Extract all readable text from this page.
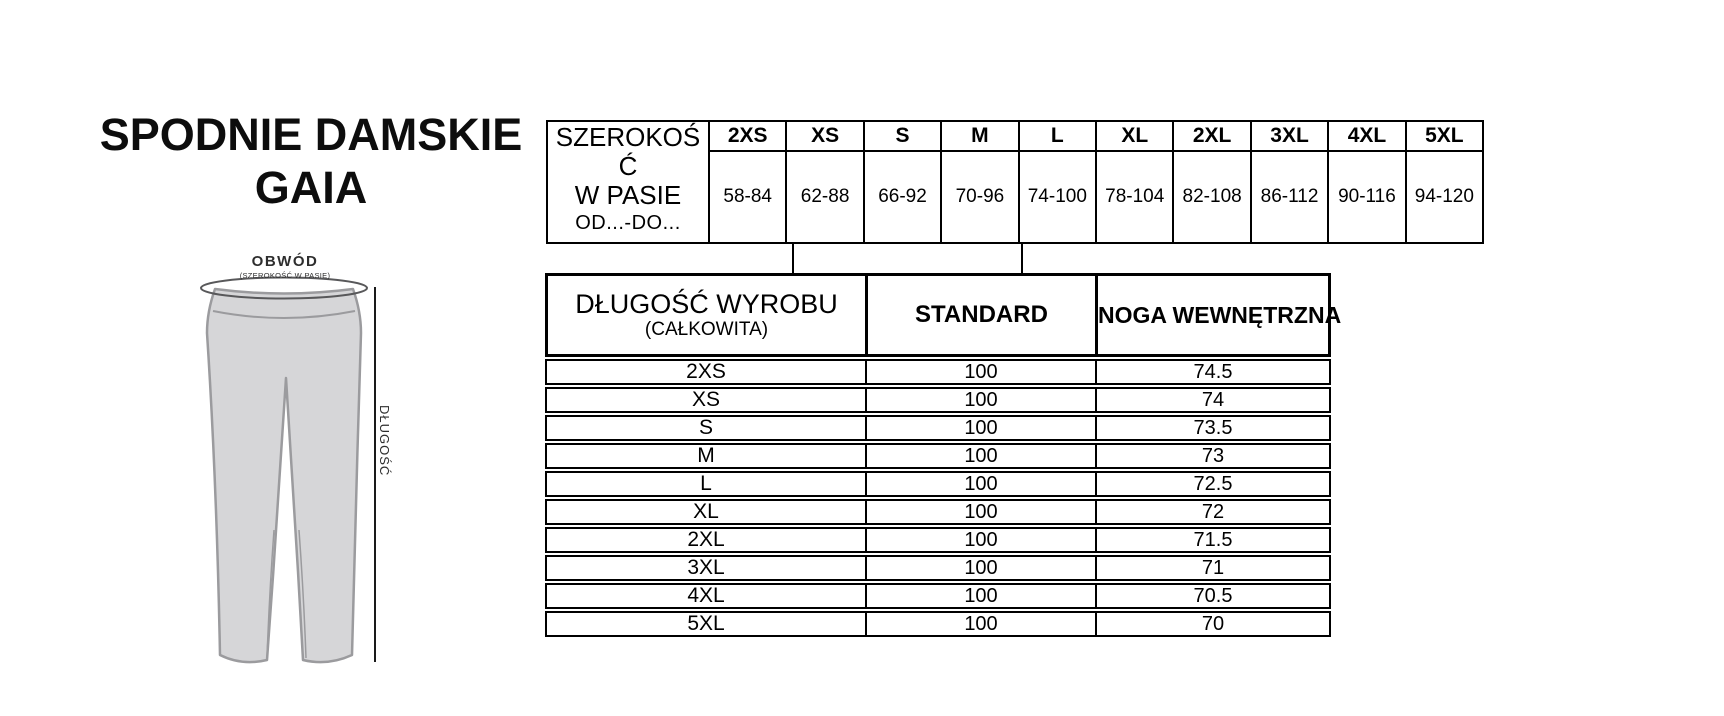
SPODNIE DAMSKIE
GAIA
OBWÓD
(SZEROKOŚĆ W PASIE)
DŁUGOŚĆ
SZEROKOŚ
Ć
W PASIE
OD...-DO...
2XS	XS	S	M	L	XL	2XL	3XL	4XL	5XL
58-84	62-88	66-92	70-96	74-100 78-104 82-108 86-112	90-116 94-120
DŁUGOŚĆ WYROBU
(CAŁKOWITA)
STANDARD	NOGA WEWNĘTRZNA
2XS	100	74.5
XS	100	74
S	100	73.5
M	100	73
L	100	72.5
XL	100	72
2XL	100	71.5
3XL	100	71
4XL	100	70.5
5XL	100	70
